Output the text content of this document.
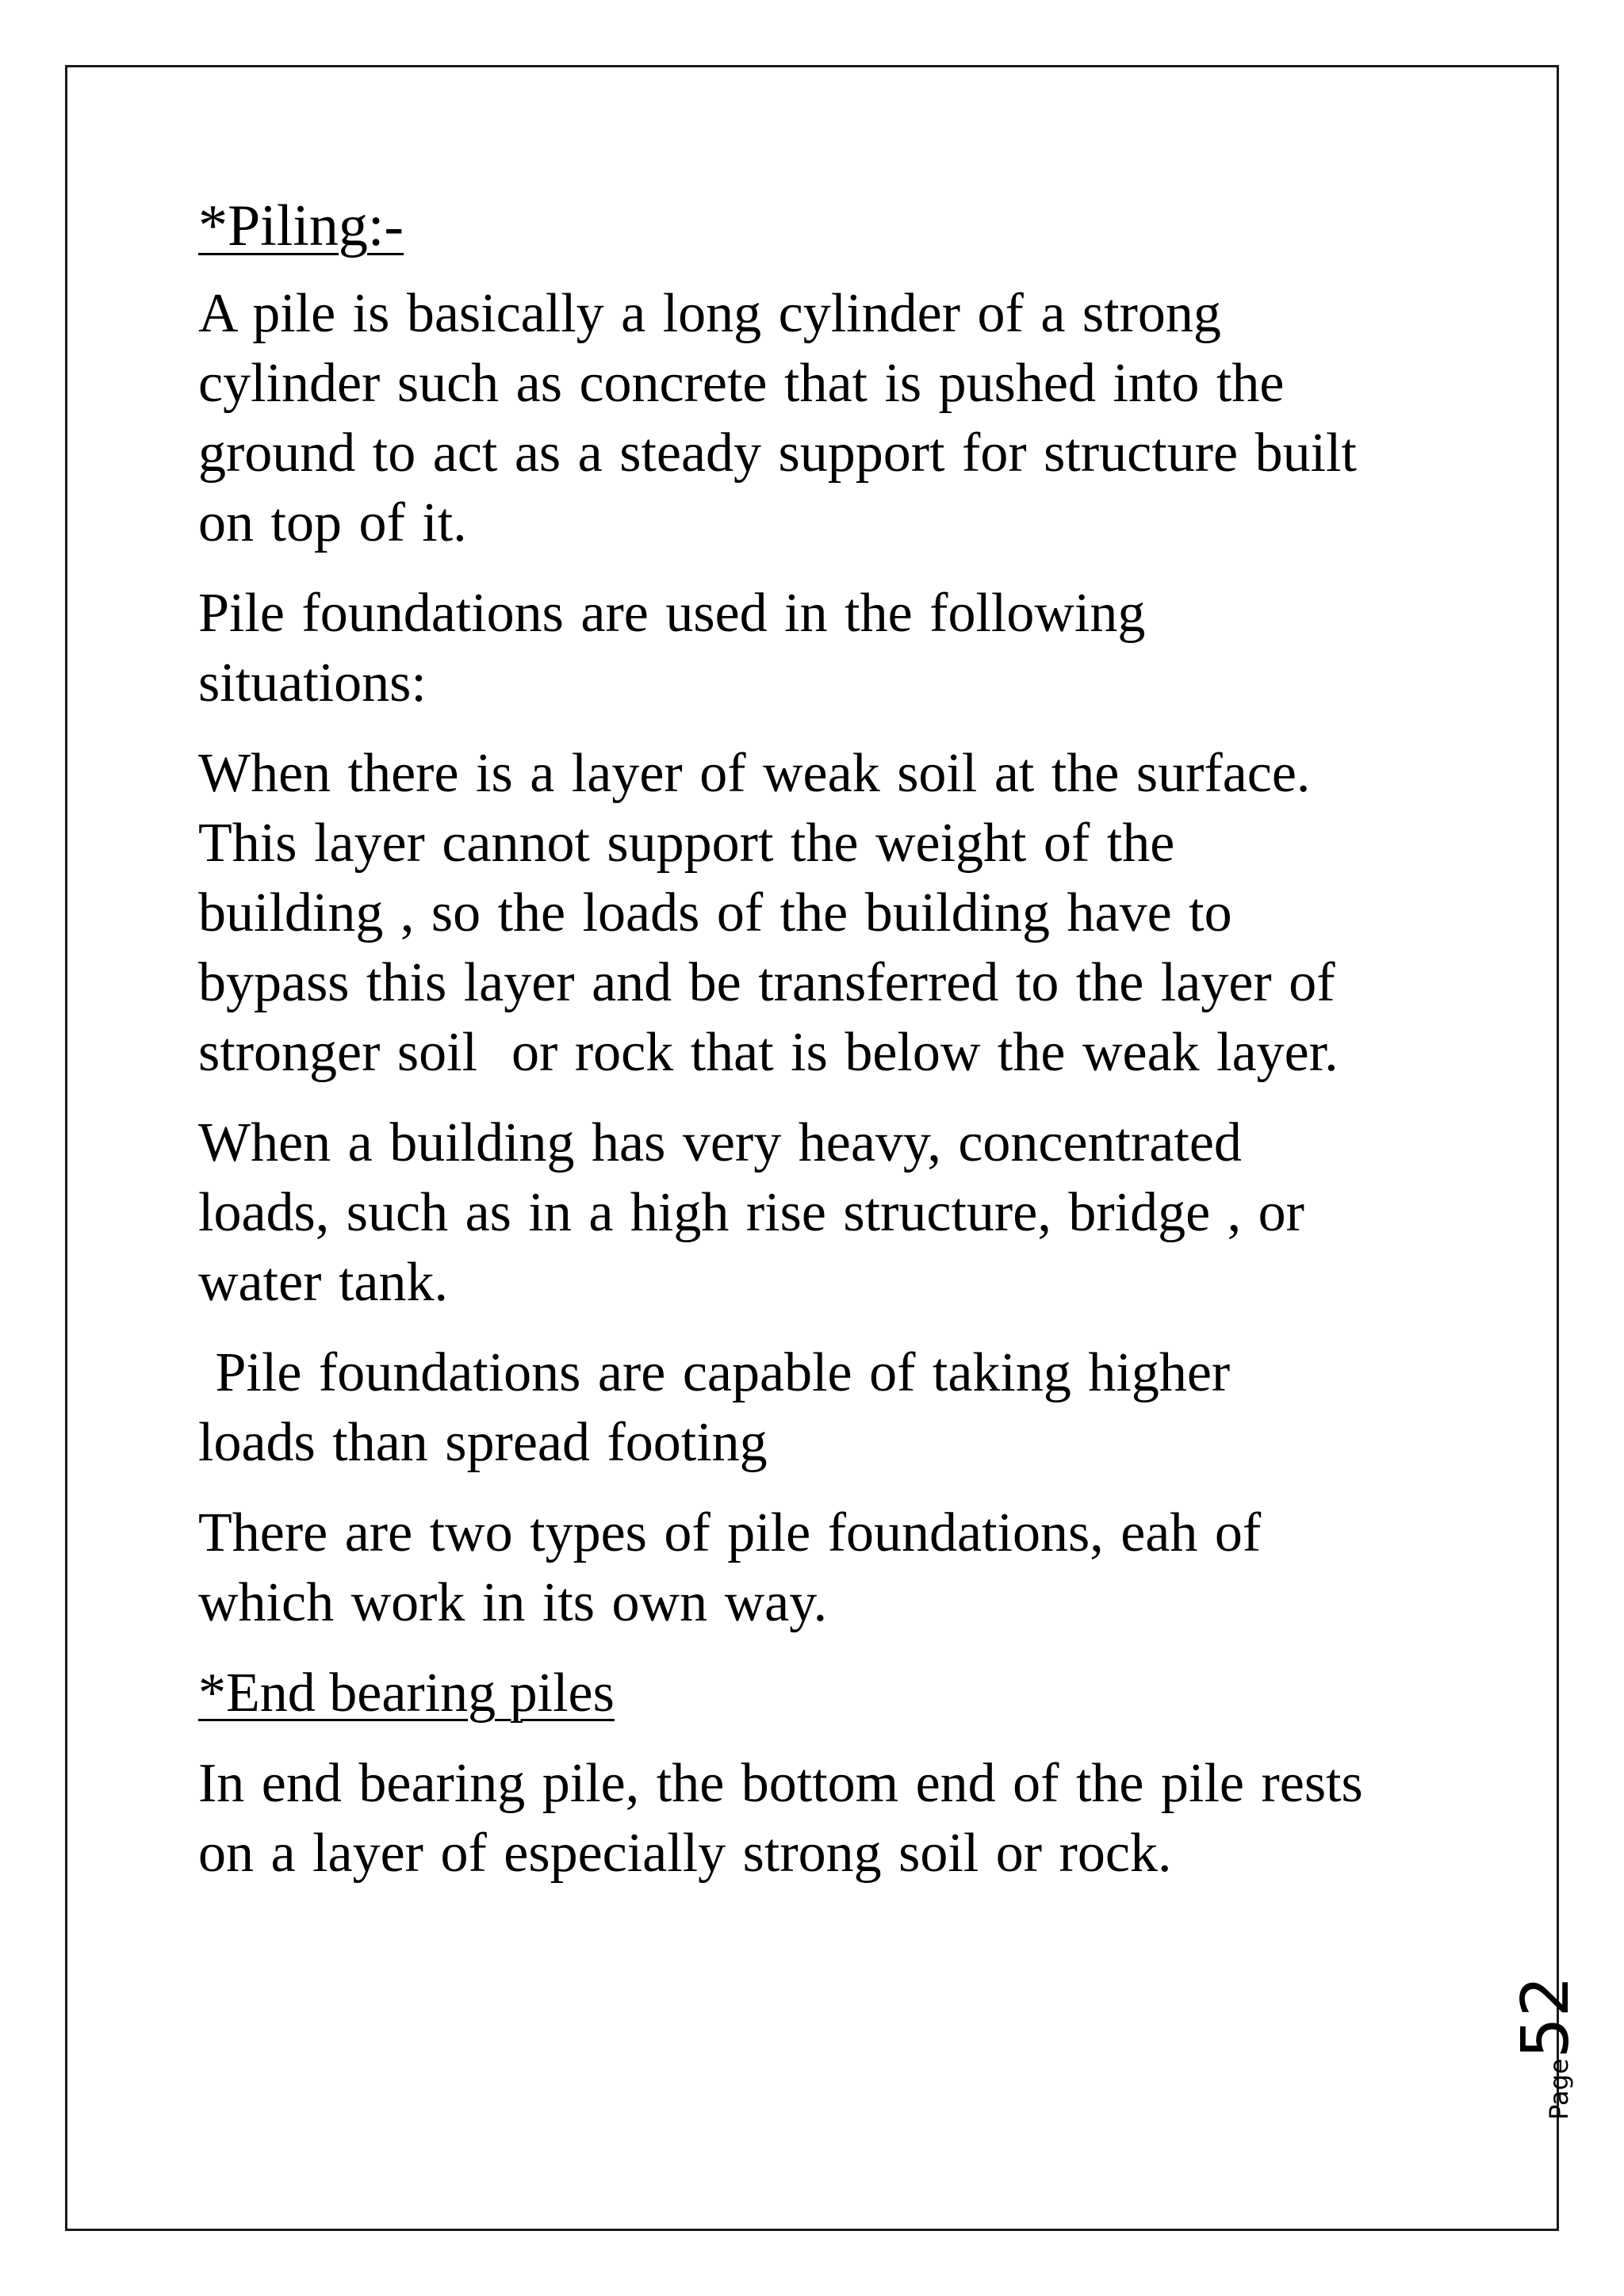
*Piling:-
A pile is basically a long cylinder of a strong
cylinder such as concrete that is pushed into the
ground to act as a steady support for structure built
on top of it.
Pile foundations are used in the following
situations:
When there is a layer of weak soil at the surface.
This layer cannot support the weight of the
building , so the loads of the building have to
bypass this layer and be transferred to the layer of
stronger soil  or rock that is below the weak layer.
When a building has very heavy, concentrated
loads, such as in a high rise structure, bridge , or
water tank.
Pile foundations are capable of taking higher
loads than spread footing
There are two types of pile foundations, eah of
which work in its own way.
*End bearing piles
In end bearing pile, the bottom end of the pile rests
on a layer of especially strong soil or rock.
Page52
